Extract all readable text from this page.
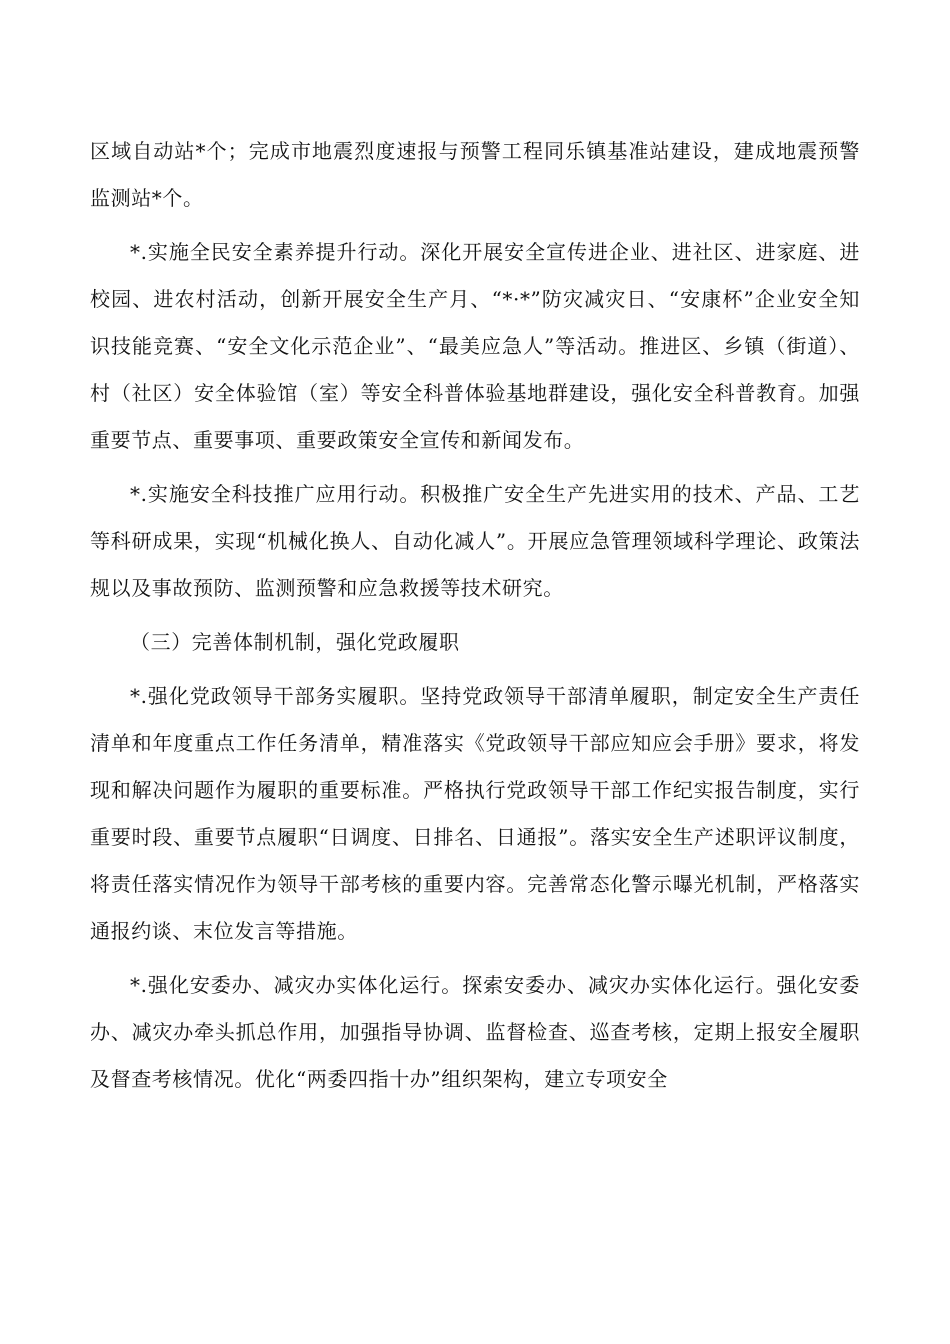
区域自动站*个；完成市地震烈度速报与预警工程同乐镇基准站建设，建成地震预警监测站*个。

*.实施全民安全素养提升行动。深化开展安全宣传进企业、进社区、进家庭、进校园、进农村活动，创新开展安全生产月、“*·*”防灾减灾日、“安康杯”企业安全知识技能竞赛、“安全文化示范企业”、“最美应急人”等活动。推进区、乡镇（街道）、村（社区）安全体验馆（室）等安全科普体验基地群建设，强化安全科普教育。加强重要节点、重要事项、重要政策安全宣传和新闻发布。

*.实施安全科技推广应用行动。积极推广安全生产先进实用的技术、产品、工艺等科研成果，实现“机械化换人、自动化减人”。开展应急管理领域科学理论、政策法规以及事故预防、监测预警和应急救援等技术研究。

（三）完善体制机制，强化党政履职

*.强化党政领导干部务实履职。坚持党政领导干部清单履职，制定安全生产责任清单和年度重点工作任务清单，精准落实《党政领导干部应知应会手册》要求，将发现和解决问题作为履职的重要标准。严格执行党政领导干部工作纪实报告制度，实行重要时段、重要节点履职“日调度、日排名、日通报”。落实安全生产述职评议制度，将责任落实情况作为领导干部考核的重要内容。完善常态化警示曝光机制，严格落实通报约谈、末位发言等措施。

*.强化安委办、减灾办实体化运行。探索安委办、减灾办实体化运行。强化安委办、减灾办牵头抓总作用，加强指导协调、监督检查、巡查考核，定期上报安全履职及督查考核情况。优化“两委四指十办”组织架构，建立专项安全
